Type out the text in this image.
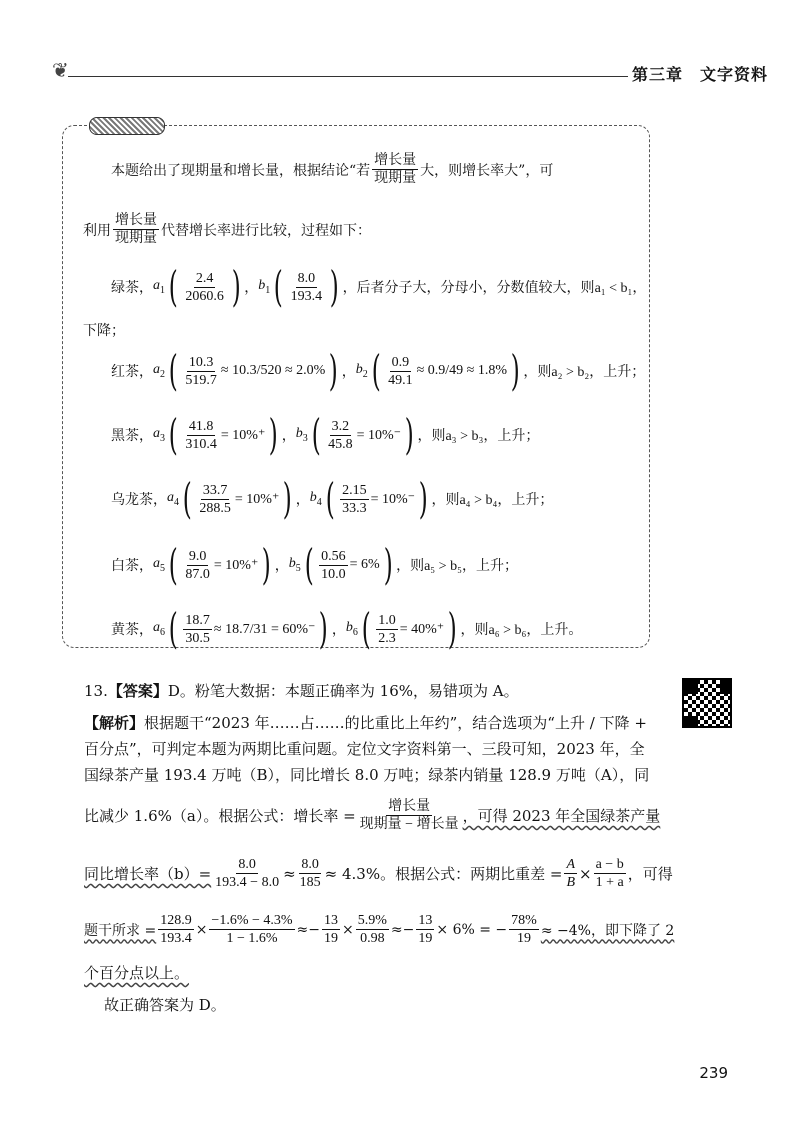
❦	第三章　文字资料
本题给出了现期量和增长量，根据结论“若 $\frac{\text{增长量}}{\text{现期量}}$ 大，则增长率大”，可
利用 $\frac{\text{增长量}}{\text{现期量}}$ 代替增长率进行比较，过程如下：
绿茶， $a_1$ ( $\frac{2.4}{2060.6}$ ) ， $b_1$ ( $\frac{8.0}{193.4}$ ) ，后者分子大，分母小，分数值较大，则 a₁ < b₁，
下降；
红茶， $a_2$ ( $\frac{10.3}{519.7} \approx 10.3/520 \approx 2.0\%$ ) ， $b_2$ ( $\frac{0.9}{49.1} \approx 0.9/49 \approx 1.8\%$ ) ，则 a₂ > b₂，上升；
黑茶， $a_3$ ( $\frac{41.8}{310.4} = 10\%^+$ ) ， $b_3$ ( $\frac{3.2}{45.8} = 10\%^-$ ) ，则 a₃ > b₃，上升；
乌龙茶， $a_4$ ( $\frac{33.7}{288.5} = 10\%^+$ ) ， $b_4$ ( $\frac{2.15}{33.3} = 10\%^-$ ) ，则 a₄ > b₄，上升；
白茶， $a_5$ ( $\frac{9.0}{87.0} = 10\%^+$ ) ， $b_5$ ( $\frac{0.56}{10.0} = 6\%$ ) ，则 a₅ > b₅，上升；
黄茶， $a_6$ ( $\frac{18.7}{30.5} \approx 18.7/31 = 60\%^-$ ) ， $b_6$ ( $\frac{1.0}{2.3} = 40\%^+$ ) ，则 a₆ > b₆，上升。
13.【答案】D。粉笔大数据：本题正确率为 16%，易错项为 A。
【解析】根据题干“2023 年……占……的比重比上年约”，结合选项为“上升 / 下降 + 百分点”，可判定本题为两期比重问题。定位文字资料第一、三段可知，2023 年，全国绿茶产量 193.4 万吨（B），同比增长 8.0 万吨；绿茶内销量 128.9 万吨（A），同
比减少 1.6%（a）。根据公式：增长率 = $\frac{\text{增长量}}{\text{现期量 − 增长量}}$ ，可得 2023 年全国绿茶产量
同比增长率$(b)= \frac{8.0}{193.4 - 8.0} \approx \frac{8.0}{185} \approx 4.3\%$。根据公式：两期比重差 = $\frac{A}{B} \times \frac{a - b}{1 + a}$ ，可得
题干所求 = $\frac{128.9}{193.4} \times \frac{-1.6\% - 4.3\%}{1 - 1.6\%} \approx- \frac{13}{19} \times \frac{5.9\%}{0.98} \approx- \frac{13}{19} \times 6\%$ = − $\frac{78\%}{19} \approx -4\%$，即下降了 2
个百分点以上。
故正确答案为 D。
239
